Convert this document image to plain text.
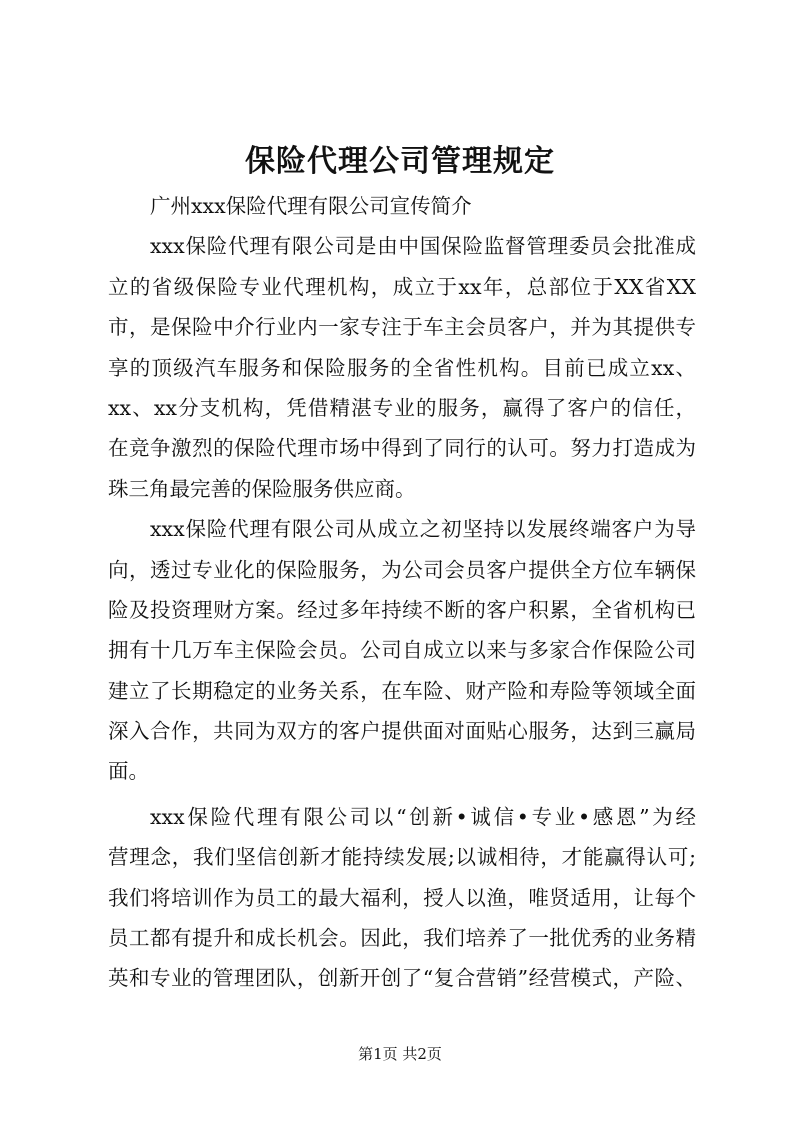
保险代理公司管理规定
广州xxx保险代理有限公司宣传简介
xxx保险代理有限公司是由中国保险监督管理委员会批准成
立的省级保险专业代理机构，成立于xx年，总部位于XX省XX
市，是保险中介行业内一家专注于车主会员客户，并为其提供专
享的顶级汽车服务和保险服务的全省性机构。目前已成立xx、
xx、xx分支机构，凭借精湛专业的服务，赢得了客户的信任，
在竞争激烈的保险代理市场中得到了同行的认可。努力打造成为
珠三角最完善的保险服务供应商。
xxx保险代理有限公司从成立之初坚持以发展终端客户为导
向，透过专业化的保险服务，为公司会员客户提供全方位车辆保
险及投资理财方案。经过多年持续不断的客户积累，全省机构已
拥有十几万车主保险会员。公司自成立以来与多家合作保险公司
建立了长期稳定的业务关系，在车险、财产险和寿险等领域全面
深入合作，共同为双方的客户提供面对面贴心服务，达到三赢局
面。
xxx保险代理有限公司以“创新•诚信•专业•感恩”为经
营理念，我们坚信创新才能持续发展;以诚相待，才能赢得认可;
我们将培训作为员工的最大福利，授人以渔，唯贤适用，让每个
员工都有提升和成长机会。因此，我们培养了一批优秀的业务精
英和专业的管理团队，创新开创了“复合营销”经营模式，产险、
第1页 共2页
